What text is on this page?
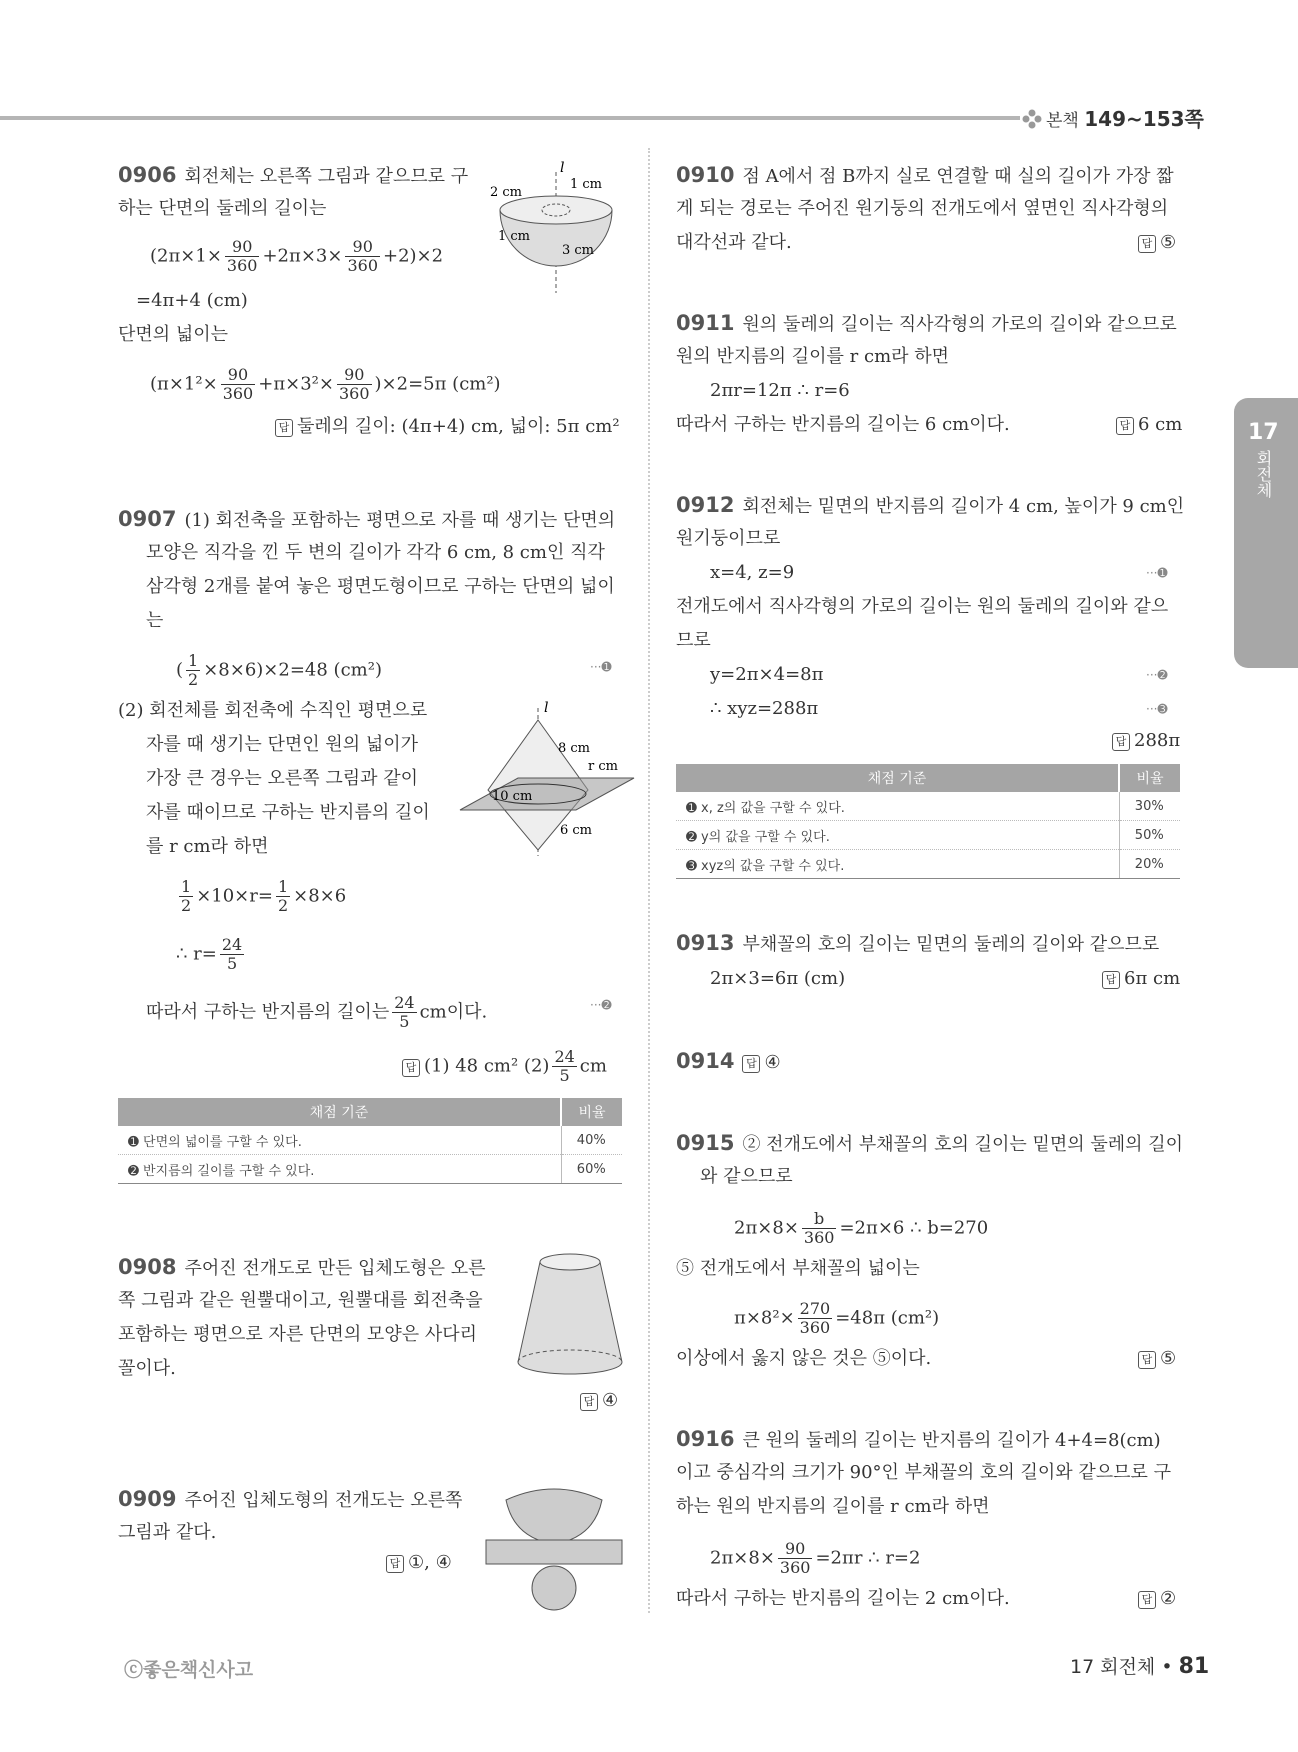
본책 149~153쪽
17
회전체
0906 회전체는 오른쪽 그림과 같으므로 구
하는 단면의 둘레의 길이는
$(2\pi\times 1\times \frac{90}{360} +2\pi\times 3\times \frac{90}{360} +2)\times 2$
=4π+4 (cm)
단면의 넓이는
$(\pi\times 1^2\times \frac{90}{360} +\pi\times 3^2\times \frac{90}{360} )\times 2=5\pi$ (cm²)
답 둘레의 길이: (4π+4) cm, 넓이: 5π cm²
l
2 cm
1 cm
1 cm
3 cm
0907 (1) 회전축을 포함하는 평면으로 자를 때 생기는 단면의
모양은 직각을 낀 두 변의 길이가 각각 6 cm, 8 cm인 직각
삼각형 2개를 붙여 놓은 평면도형이므로 구하는 단면의 넓이
는
( $\frac{1}{2} \times 8\times 6)\times 2=48$ (cm²)	···➊
(2) 회전체를 회전축에 수직인 평면으로
자를 때 생기는 단면인 원의 넓이가
가장 큰 경우는 오른쪽 그림과 같이
자를 때이므로 구하는 반지름의 길이
를 r cm라 하면
$\frac{1}{2} \times 10\times r= \frac{1}{2} \times 8\times 6$
∴ $r= \frac{24}{5}$
따라서 구하는 반지름의 길이는 $\frac{24}{5}$ cm이다.	···➋
답 (1) 48 cm² $(2) \frac{24}{5}$ cm
l
8 cm
r cm
10 cm
6 cm
채점 기준	비율
➊ 단면의 넓이를 구할 수 있다.	40%
➋ 반지름의 길이를 구할 수 있다.	60%
0908 주어진 전개도로 만든 입체도형은 오른
쪽 그림과 같은 원뿔대이고, 원뿔대를 회전축을
포함하는 평면으로 자른 단면의 모양은 사다리
꼴이다.
답 ④
0909 주어진 입체도형의 전개도는 오른쪽
그림과 같다.
답 ①, ④
0910 점 A에서 점 B까지 실로 연결할 때 실의 길이가 가장 짧
게 되는 경로는 주어진 원기둥의 전개도에서 옆면인 직사각형의
대각선과 같다.	답 ⑤
0911 원의 둘레의 길이는 직사각형의 가로의 길이와 같으므로
원의 반지름의 길이를 r cm라 하면
2πr=12π ∴ r=6
따라서 구하는 반지름의 길이는 6 cm이다.	답 6 cm
0912 회전체는 밑면의 반지름의 길이가 4 cm, 높이가 9 cm인
원기둥이므로
x=4, z=9	···➊
전개도에서 직사각형의 가로의 길이는 원의 둘레의 길이와 같으
므로
y=2π×4=8π	···➋
∴ xyz=288π	···➌
답 288π
채점 기준	비율
➊ x, z의 값을 구할 수 있다.	30%
➋ y의 값을 구할 수 있다.	50%
➌ xyz의 값을 구할 수 있다.	20%
0913 부채꼴의 호의 길이는 밑면의 둘레의 길이와 같으므로
2π×3=6π (cm)	답 6π cm
0914 답 ④
0915 ② 전개도에서 부채꼴의 호의 길이는 밑면의 둘레의 길이
와 같으므로
$2\pi\times 8\times \frac{b}{360} =2\pi\times 6$ ∴ b=270
⑤ 전개도에서 부채꼴의 넓이는
$\pi\times 8^2\times \frac{270}{360} =48\pi$ (cm²)
이상에서 옳지 않은 것은 ⑤이다.	답 ⑤
0916 큰 원의 둘레의 길이는 반지름의 길이가 4+4=8(cm)
이고 중심각의 크기가 90°인 부채꼴의 호의 길이와 같으므로 구
하는 원의 반지름의 길이를 r cm라 하면
$2\pi\times 8\times \frac{90}{360} =2\pi r$ ∴ r=2
따라서 구하는 반지름의 길이는 2 cm이다.	답 ②
ⓒ좋은책신사고	17 회전체 • 81
